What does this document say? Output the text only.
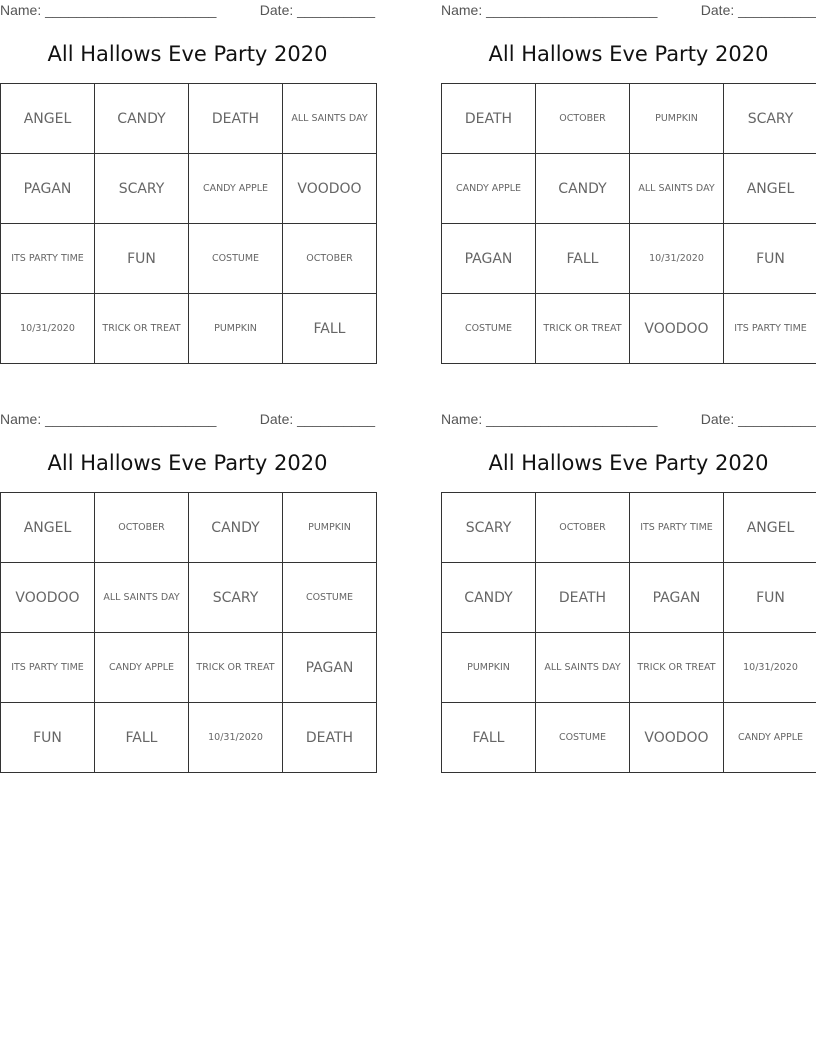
Name: ______________________	Date: __________
All Hallows Eve Party 2020
ANGEL	CANDY	DEATH	ALL SAINTS DAY
PAGAN	SCARY	CANDY APPLE	VOODOO
ITS PARTY TIME	FUN	COSTUME	OCTOBER
10/31/2020	TRICK OR TREAT	PUMPKIN	FALL
Name: ______________________	Date: __________
All Hallows Eve Party 2020
DEATH	OCTOBER	PUMPKIN	SCARY
CANDY APPLE	CANDY	ALL SAINTS DAY	ANGEL
PAGAN	FALL	10/31/2020	FUN
COSTUME	TRICK OR TREAT	VOODOO	ITS PARTY TIME
Name: ______________________	Date: __________
All Hallows Eve Party 2020
ANGEL	OCTOBER	CANDY	PUMPKIN
VOODOO	ALL SAINTS DAY	SCARY	COSTUME
ITS PARTY TIME	CANDY APPLE	TRICK OR TREAT	PAGAN
FUN	FALL	10/31/2020	DEATH
Name: ______________________	Date: __________
All Hallows Eve Party 2020
SCARY	OCTOBER	ITS PARTY TIME	ANGEL
CANDY	DEATH	PAGAN	FUN
PUMPKIN	ALL SAINTS DAY	TRICK OR TREAT	10/31/2020
FALL	COSTUME	VOODOO	CANDY APPLE
